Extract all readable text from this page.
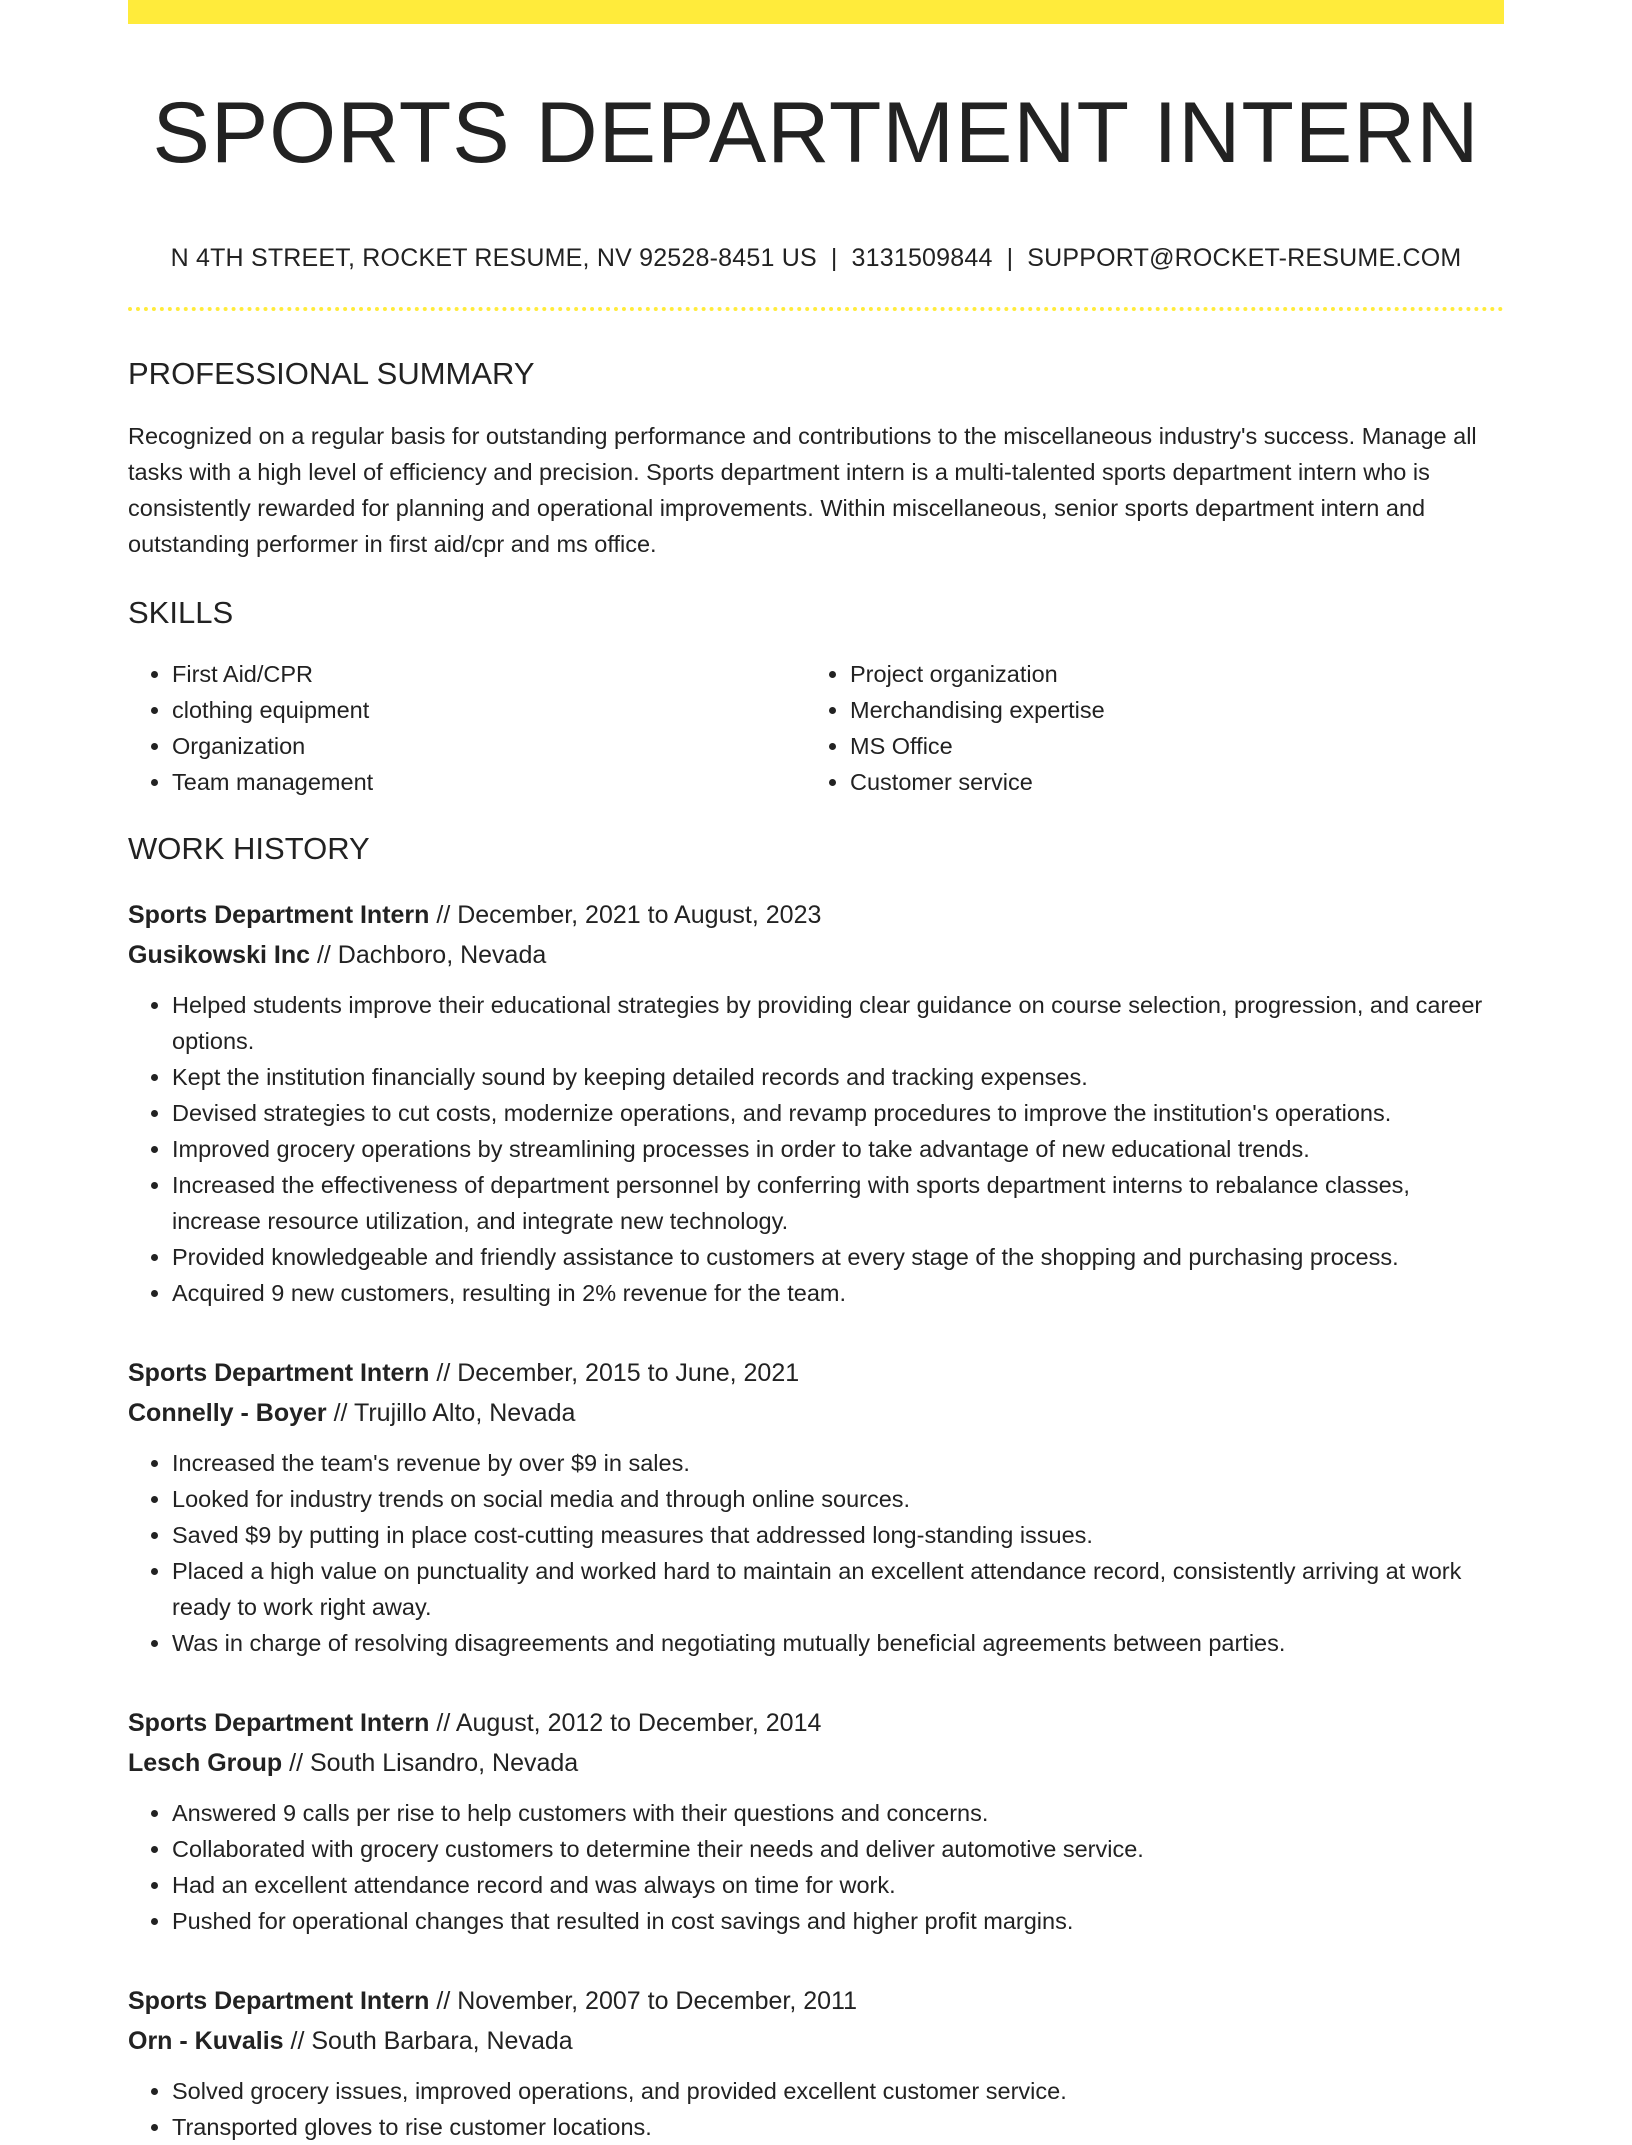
SPORTS DEPARTMENT INTERN
N 4TH STREET, ROCKET RESUME, NV 92528-8451 US | 3131509844 | SUPPORT@ROCKET-RESUME.COM
PROFESSIONAL SUMMARY
Recognized on a regular basis for outstanding performance and contributions to the miscellaneous industry's success. Manage all tasks with a high level of efficiency and precision. Sports department intern is a multi-talented sports department intern who is consistently rewarded for planning and operational improvements. Within miscellaneous, senior sports department intern and outstanding performer in first aid/cpr and ms office.
SKILLS
• First Aid/CPR
• clothing equipment
• Organization
• Team management
• Project organization
• Merchandising expertise
• MS Office
• Customer service
WORK HISTORY
Sports Department Intern // December, 2021 to August, 2023
Gusikowski Inc // Dachboro, Nevada
• Helped students improve their educational strategies by providing clear guidance on course selection, progression, and career options.
• Kept the institution financially sound by keeping detailed records and tracking expenses.
• Devised strategies to cut costs, modernize operations, and revamp procedures to improve the institution's operations.
• Improved grocery operations by streamlining processes in order to take advantage of new educational trends.
• Increased the effectiveness of department personnel by conferring with sports department interns to rebalance classes, increase resource utilization, and integrate new technology.
• Provided knowledgeable and friendly assistance to customers at every stage of the shopping and purchasing process.
• Acquired 9 new customers, resulting in 2% revenue for the team.
Sports Department Intern // December, 2015 to June, 2021
Connelly - Boyer // Trujillo Alto, Nevada
• Increased the team's revenue by over $9 in sales.
• Looked for industry trends on social media and through online sources.
• Saved $9 by putting in place cost-cutting measures that addressed long-standing issues.
• Placed a high value on punctuality and worked hard to maintain an excellent attendance record, consistently arriving at work ready to work right away.
• Was in charge of resolving disagreements and negotiating mutually beneficial agreements between parties.
Sports Department Intern // August, 2012 to December, 2014
Lesch Group // South Lisandro, Nevada
• Answered 9 calls per rise to help customers with their questions and concerns.
• Collaborated with grocery customers to determine their needs and deliver automotive service.
• Had an excellent attendance record and was always on time for work.
• Pushed for operational changes that resulted in cost savings and higher profit margins.
Sports Department Intern // November, 2007 to December, 2011
Orn - Kuvalis // South Barbara, Nevada
• Solved grocery issues, improved operations, and provided excellent customer service.
• Transported gloves to rise customer locations.
